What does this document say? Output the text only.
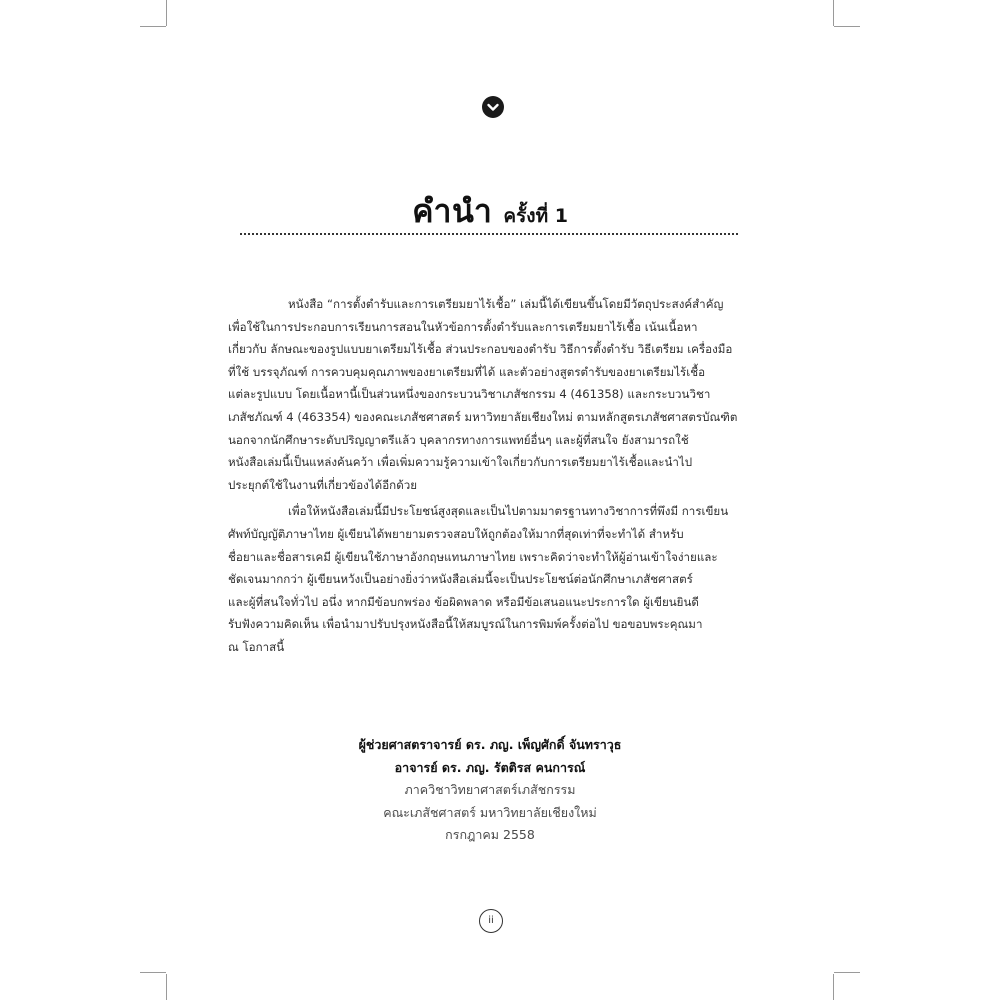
คำนำ ครั้งที่ 1

หนังสือ “การตั้งตำรับและการเตรียมยาไร้เชื้อ” เล่มนี้ได้เขียนขึ้นโดยมีวัตถุประสงค์สำคัญ
เพื่อใช้ในการประกอบการเรียนการสอนในหัวข้อการตั้งตำรับและการเตรียมยาไร้เชื้อ เน้นเนื้อหา
เกี่ยวกับ ลักษณะของรูปแบบยาเตรียมไร้เชื้อ ส่วนประกอบของตำรับ วิธีการตั้งตำรับ วิธีเตรียม เครื่องมือ
ที่ใช้ บรรจุภัณฑ์ การควบคุมคุณภาพของยาเตรียมที่ได้ และตัวอย่างสูตรตำรับของยาเตรียมไร้เชื้อ
แต่ละรูปแบบ โดยเนื้อหานี้เป็นส่วนหนึ่งของกระบวนวิชาเภสัชกรรม 4 (461358) และกระบวนวิชา
เภสัชภัณฑ์ 4 (463354) ของคณะเภสัชศาสตร์ มหาวิทยาลัยเชียงใหม่ ตามหลักสูตรเภสัชศาสตรบัณฑิต
นอกจากนักศึกษาระดับปริญญาตรีแล้ว บุคลากรทางการแพทย์อื่นๆ และผู้ที่สนใจ ยังสามารถใช้
หนังสือเล่มนี้เป็นแหล่งค้นคว้า เพื่อเพิ่มความรู้ความเข้าใจเกี่ยวกับการเตรียมยาไร้เชื้อและนำไป
ประยุกต์ใช้ในงานที่เกี่ยวข้องได้อีกด้วย

เพื่อให้หนังสือเล่มนี้มีประโยชน์สูงสุดและเป็นไปตามมาตรฐานทางวิชาการที่พึงมี การเขียน
ศัพท์บัญญัติภาษาไทย ผู้เขียนได้พยายามตรวจสอบให้ถูกต้องให้มากที่สุดเท่าที่จะทำได้ สำหรับ
ชื่อยาและชื่อสารเคมี ผู้เขียนใช้ภาษาอังกฤษแทนภาษาไทย เพราะคิดว่าจะทำให้ผู้อ่านเข้าใจง่ายและ
ชัดเจนมากกว่า ผู้เขียนหวังเป็นอย่างยิ่งว่าหนังสือเล่มนี้จะเป็นประโยชน์ต่อนักศึกษาเภสัชศาสตร์
และผู้ที่สนใจทั่วไป อนึ่ง หากมีข้อบกพร่อง ข้อผิดพลาด หรือมีข้อเสนอแนะประการใด ผู้เขียนยินดี
รับฟังความคิดเห็น เพื่อนำมาปรับปรุงหนังสือนี้ให้สมบูรณ์ในการพิมพ์ครั้งต่อไป ขอขอบพระคุณมา
ณ โอกาสนี้

ผู้ช่วยศาสตราจารย์ ดร. ภญ. เพ็ญศักดิ์ จันทราวุธ
อาจารย์ ดร. ภญ. รัตติรส คนการณ์
ภาควิชาวิทยาศาสตร์เภสัชกรรม
คณะเภสัชศาสตร์ มหาวิทยาลัยเชียงใหม่
กรกฎาคม 2558
ii
